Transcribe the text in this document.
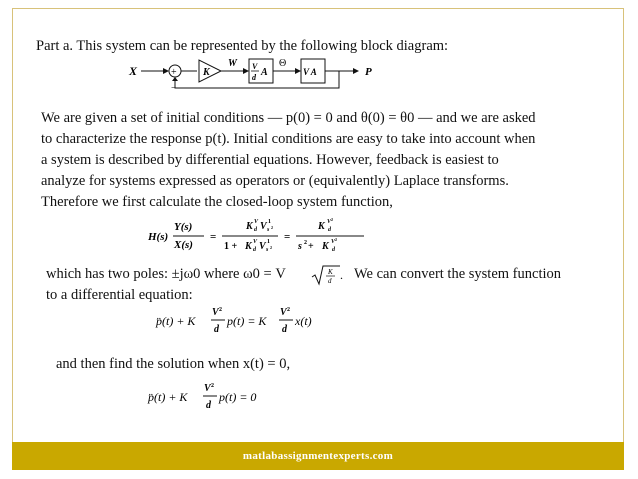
Part a. This system can be represented by the following block diagram:
X	+
−
K
W V
d A
Θ
V A	P
We are given a set of initial conditions — p(0) = 0 and θ(0) = θ0 — and we are asked
to characterize the response p(t). Initial conditions are easy to take into account when
a system is described by differential equations. However, feedback is easiest to
analyze for systems expressed as operators or (equivalently) Laplace transforms.
Therefore we first calculate the closed-loop system function,
H(s)
Y(s)
X(s)
=
K V
d V 1
s 2
1 + K V
d V 1
s 2
=
K V 2
d
s 2 + K V 2
d
which has two poles: ±jω0 where ω0 = V	K
d . We can convert the system function
to a differential equation:
p̈(t) + K
V 2
d
p(t) = K
V 2
d
x(t)
and then find the solution when x(t) = 0,
p̈(t) + K
V 2
d
p(t) = 0
matlabassignmentexperts.com
